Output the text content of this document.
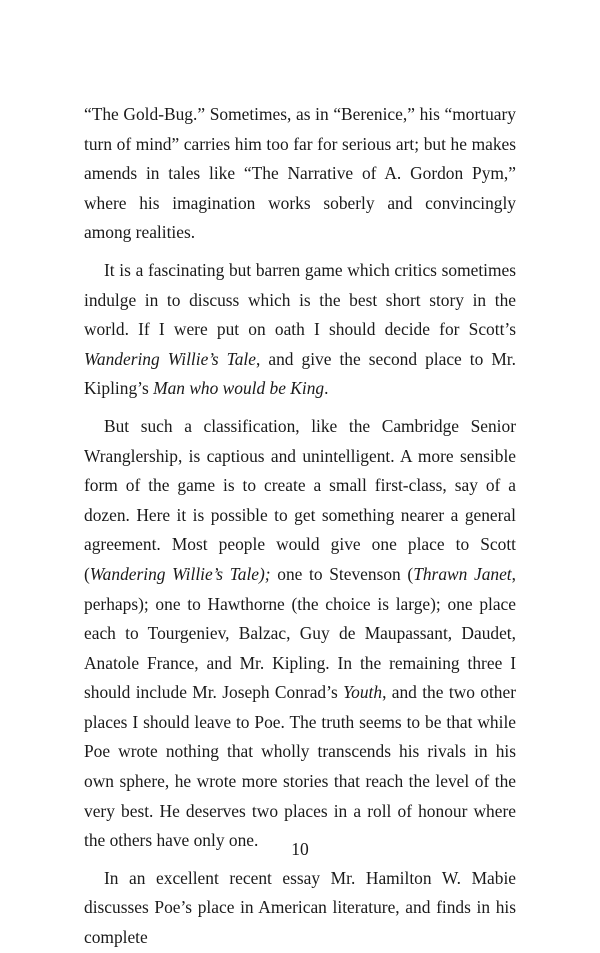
“The Gold-Bug.” Sometimes, as in “Berenice,” his “mortuary turn of mind” carries him too far for serious art; but he makes amends in tales like “The Narrative of A. Gordon Pym,” where his imagination works soberly and convincingly among realities.

It is a fascinating but barren game which critics sometimes indulge in to discuss which is the best short story in the world. If I were put on oath I should decide for Scott’s Wandering Willie’s Tale, and give the second place to Mr. Kipling’s Man who would be King.

But such a classification, like the Cambridge Senior Wranglership, is captious and unintelligent. A more sensible form of the game is to create a small first-class, say of a dozen. Here it is possible to get something nearer a general agreement. Most people would give one place to Scott (Wandering Willie’s Tale); one to Stevenson (Thrawn Janet, perhaps); one to Hawthorne (the choice is large); one place each to Tourgeniev, Balzac, Guy de Maupassant, Daudet, Anatole France, and Mr. Kipling. In the remaining three I should include Mr. Joseph Conrad’s Youth, and the two other places I should leave to Poe. The truth seems to be that while Poe wrote nothing that wholly transcends his rivals in his own sphere, he wrote more stories that reach the level of the very best. He deserves two places in a roll of honour where the others have only one.

In an excellent recent essay Mr. Hamilton W. Mabie discusses Poe’s place in American literature, and finds in his complete

10
